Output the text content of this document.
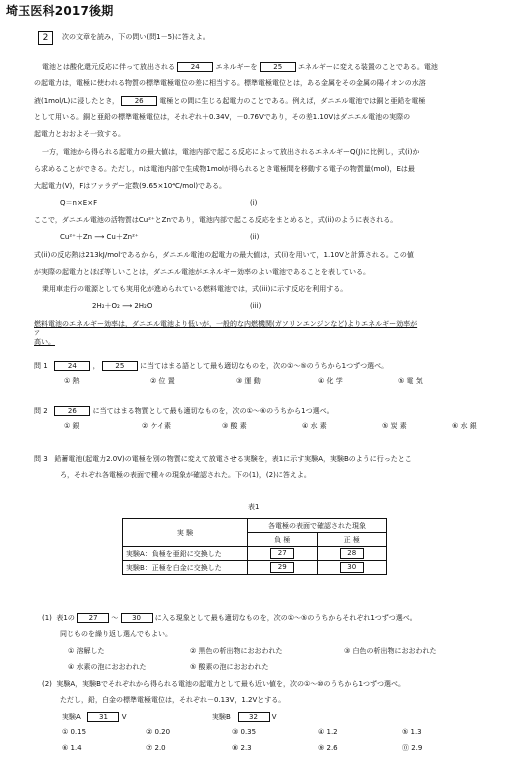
埼玉医科2017後期
2	次の文章を読み，下の問い(問1－5)に答えよ。
電池とは酸化還元反応に伴って放出される 24 エネルギーを 25 エネルギーに変える装置のことである。電池
の起電力は，電極に使われる物質の標準電極電位の差に相当する。標準電極電位とは，ある金属をその金属の陽イオンの水溶
液(1mol/L)に浸したとき， 26 電極との間に生じる起電力のことである。例えば，ダニエル電池では銅と亜鉛を電極
として用いる。銅と亜鉛の標準電極電位は，それぞれ＋0.34V，－0.76Vであり，その差1.10Vはダニエル電池の実際の
起電力とおおよそ一致する。
一方，電池から得られる起電力の最大値は，電池内部で起こる反応によって放出されるエネルギーQ(J)に比例し，式(i)か
ら求めることができる。ただし，nは電池内部で生成物1molが得られるとき電極間を移動する電子の物質量(mol)，Eは最
大起電力(V)，Fはファラデー定数(9.65×10⁴C/mol)である。
Q＝n×E×F	(i)
ここで，ダニエル電池の活物質はCu²⁺とZnであり，電池内部で起こる反応をまとめると，式(ii)のように表される。
Cu²⁺＋Zn ⟶ Cu＋Zn²⁺	(ii)
式(ii)の反応熱は213kJ/molであるから，ダニエル電池の起電力の最大値は，式(i)を用いて，1.10Vと計算される。この値
が実際の起電力とほぼ等しいことは，ダニエル電池がエネルギー効率のよい電池であることを表している。
乗用車走行の電源としても実用化が進められている燃料電池では，式(iii)に示す反応を利用する。
2H₂＋O₂ ⟶ 2H₂O	(iii)
燃料電池のエネルギー効率は，ダニエル電池より低いが，一般的な内燃機関(ガソリンエンジンなど)よりエネルギー効率が
ア
高い。
問 1	24 ， 25 に当てはまる語として最も適切なものを，次の①～⑤のうちから1つずつ選べ。
① 熱	② 位 置	③ 運 動	④ 化 学	⑤ 電 気
問 2	26 に当てはまる物質として最も適切なものを，次の①～⑥のうちから1つ選べ。
① 銀	② ケイ素	③ 酸 素	④ 水 素	⑤ 炭 素	⑥ 水 銀
問 3 鉛蓄電池(起電力2.0V)の電極を別の物質に変えて放電させる実験を，表1に示す実験A，実験Bのように行ったとこ
ろ，それぞれ各電極の表面で種々の現象が確認された。下の(1)，(2)に答えよ。
表1
実 験	各電極の表面で確認された現象	
	負 極	正 極
実験A：負極を亜鉛に交換した	27	28
実験B：正極を白金に交換した	29	30
(1) 表1の 27 ～ 30 に入る現象として最も適切なものを，次の①～⑤のうちからそれぞれ1つずつ選べ。
同じものを繰り返し選んでもよい。
① 溶解した	② 黒色の析出物におおわれた	③ 白色の析出物におおわれた
④ 水素の泡におおわれた	⑤ 酸素の泡におおわれた
(2) 実験A，実験Bでそれぞれから得られる電池の起電力として最も近い値を，次の①～⑩のうちから1つずつ選べ。
ただし，鉛，白金の標準電極電位は，それぞれ－0.13V，1.2Vとする。
実験A	31 V	実験B	32 V
① 0.15	② 0.20	③ 0.35	④ 1.2	⑤ 1.3
⑥ 1.4	⑦ 2.0	⑧ 2.3	⑨ 2.6	⓪ 2.9
